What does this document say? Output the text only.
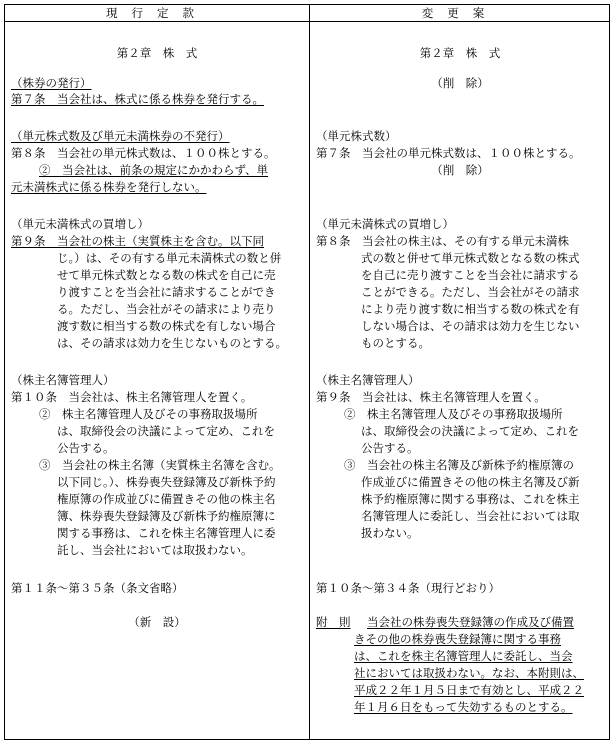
現行定款	変更案
第２章　株　式
（株券の発行）
第７条　当会社は、株式に係る株券を発行する。
（単元株式数及び単元未満株券の不発行）
第８条　当会社の単元株式数は、１００株とする。
②　当会社は、前条の規定にかかわらず、単
元未満株式に係る株券を発行しない。
（単元未満株式の買増し）
第９条　当会社の株主（実質株主を含む。以下同
じ。）は、その有する単元未満株式の数と併
せて単元株式数となる数の株式を自己に売
り渡すことを当会社に請求することができ
る。ただし、当会社がその請求により売り
渡す数に相当する数の株式を有しない場合
は、その請求は効力を生じないものとする。
（株主名簿管理人）
第１０条　当会社は、株主名簿管理人を置く。
②　株主名簿管理人及びその事務取扱場所
は、取締役会の決議によって定め、これを
公告する。
③　当会社の株主名簿（実質株主名簿を含む。
以下同じ。）、株券喪失登録簿及び新株予約
権原簿の作成並びに備置きその他の株主名
簿、株券喪失登録簿及び新株予約権原簿に
関する事務は、これを株主名簿管理人に委
託し、当会社においては取扱わない。
第１１条～第３５条（条文省略）
（新　設）
第２章　株　式
（削　除）
（単元株式数）
第７条　当会社の単元株式数は、１００株とする。
（削　除）
（単元未満株式の買増し）
第８条　当会社の株主は、その有する単元未満株
式の数と併せて単元株式数となる数の株式
を自己に売り渡すことを当会社に請求する
ことができる。ただし、当会社がその請求
により売り渡す数に相当する数の株式を有
しない場合は、その請求は効力を生じない
ものとする。
（株主名簿管理人）
第９条　当会社は、株主名簿管理人を置く。
②　株主名簿管理人及びその事務取扱場所
は、取締役会の決議によって定め、これを
公告する。
③　当会社の株主名簿及び新株予約権原簿の
作成並びに備置きその他の株主名簿及び新
株予約権原簿に関する事務は、これを株主
名簿管理人に委託し、当会社においては取
扱わない。
第１０条～第３４条（現行どおり）
附　則 当会社の株券喪失登録簿の作成及び備置
きその他の株券喪失登録簿に関する事務
は、これを株主名簿管理人に委託し、当会
社においては取扱わない。なお、本附則は、
平成２２年１月５日まで有効とし、平成２２
年１月６日をもって失効するものとする。
